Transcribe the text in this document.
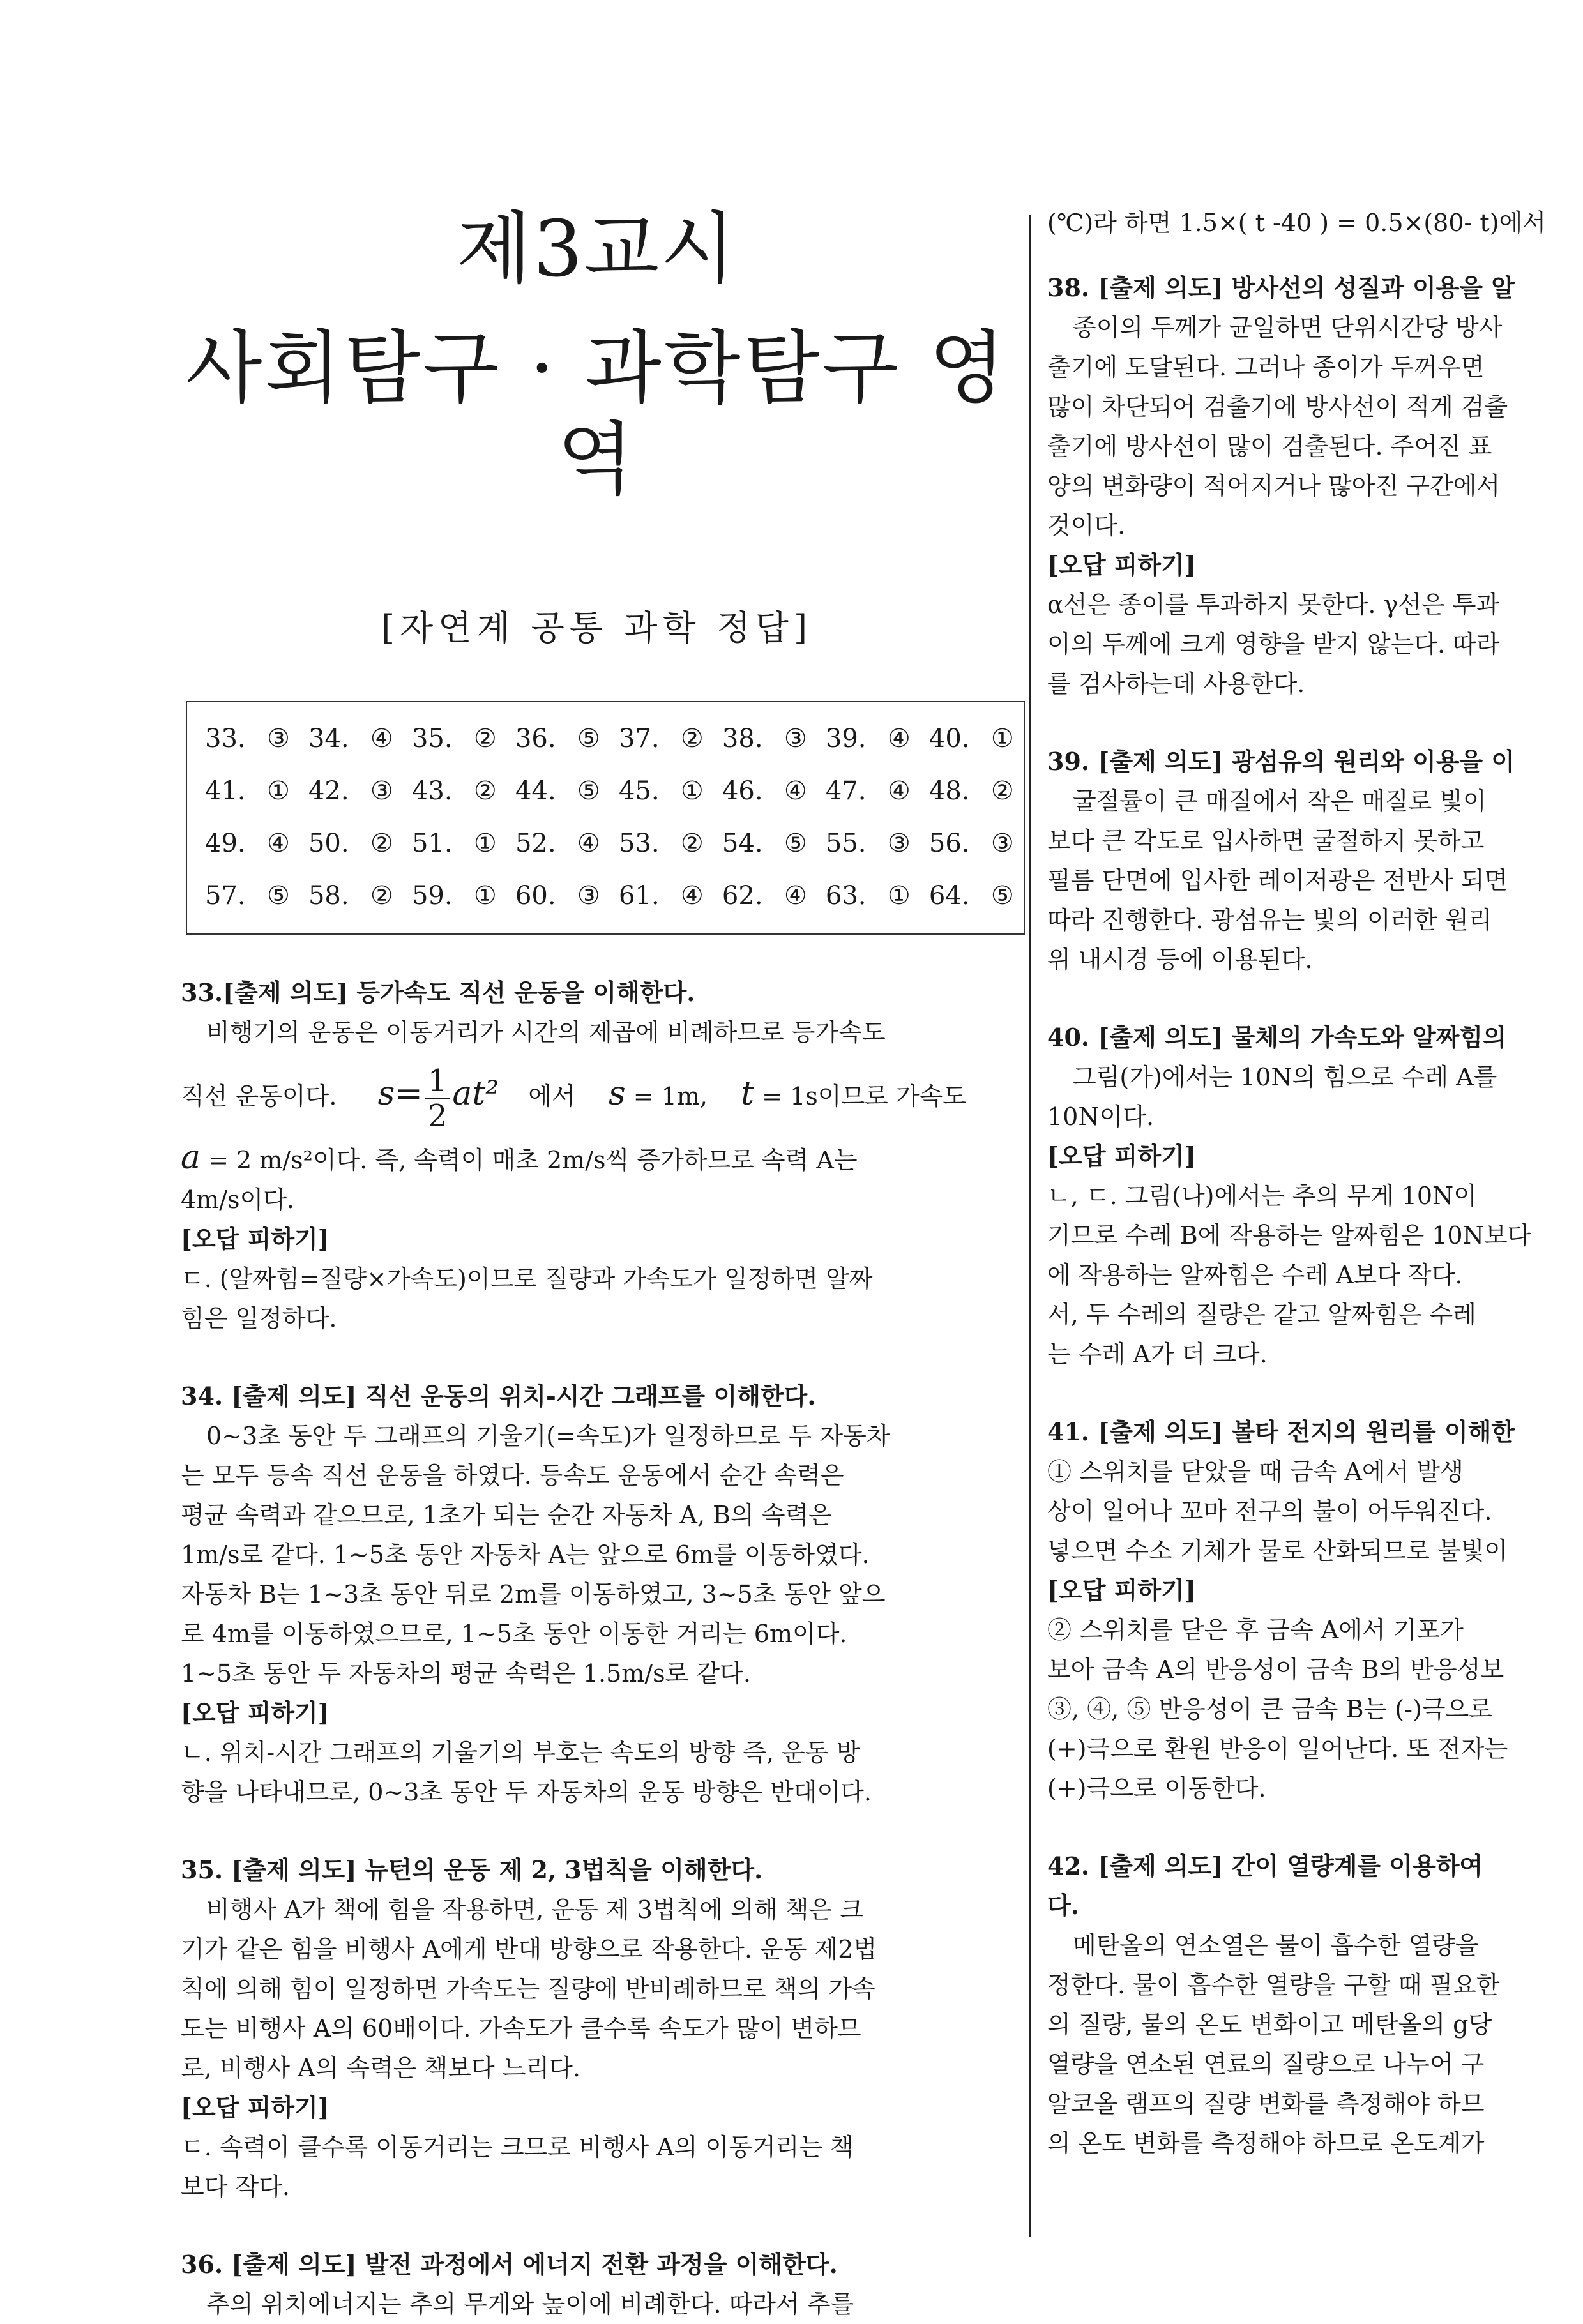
제3교시
사회탐구 · 과학탐구 영역
[자연계 공통 과학 정답]
33.	③	34.	④	35.	②	36.	⑤	37.	②	38.	③	39.	④	40.	①
41.	①	42.	③	43.	②	44.	⑤	45.	①	46.	④	47.	④	48.	②
49.	④	50.	②	51.	①	52.	④	53.	②	54.	⑤	55.	③	56.	③
57.	⑤	58.	②	59.	①	60.	③	61.	④	62.	④	63.	①	64.	⑤

33.[출제 의도] 등가속도 직선 운동을 이해한다.

비행기의 운동은 이동거리가 시간의 제곱에 비례하므로 등가속도

직선 운동이다. $s= \frac{1}{2} at^2$ 에서 s = 1m, t = 1s이므로 가속도

a = 2 m/s²이다. 즉, 속력이 매초 2m/s씩 증가하므로 속력 A는

4m/s이다.

[오답 피하기]

ㄷ. (알짜힘=질량×가속도)이므로 질량과 가속도가 일정하면 알짜

힘은 일정하다.

34. [출제 의도] 직선 운동의 위치-시간 그래프를 이해한다.

0~3초 동안 두 그래프의 기울기(=속도)가 일정하므로 두 자동차

는 모두 등속 직선 운동을 하였다. 등속도 운동에서 순간 속력은

평균 속력과 같으므로, 1초가 되는 순간 자동차 A, B의 속력은

1m/s로 같다. 1~5초 동안 자동차 A는 앞으로 6m를 이동하였다.

자동차 B는 1~3초 동안 뒤로 2m를 이동하였고, 3~5초 동안 앞으

로 4m를 이동하였으므로, 1~5초 동안 이동한 거리는 6m이다.

1~5초 동안 두 자동차의 평균 속력은 1.5m/s로 같다.

[오답 피하기]

ㄴ. 위치-시간 그래프의 기울기의 부호는 속도의 방향 즉, 운동 방

향을 나타내므로, 0~3초 동안 두 자동차의 운동 방향은 반대이다.

35. [출제 의도] 뉴턴의 운동 제 2, 3법칙을 이해한다.

비행사 A가 책에 힘을 작용하면, 운동 제 3법칙에 의해 책은 크

기가 같은 힘을 비행사 A에게 반대 방향으로 작용한다. 운동 제2법

칙에 의해 힘이 일정하면 가속도는 질량에 반비례하므로 책의 가속

도는 비행사 A의 60배이다. 가속도가 클수록 속도가 많이 변하므

로, 비행사 A의 속력은 책보다 느리다.

[오답 피하기]

ㄷ. 속력이 클수록 이동거리는 크므로 비행사 A의 이동거리는 책

보다 작다.

36. [출제 의도] 발전 과정에서 에너지 전환 과정을 이해한다.

추의 위치에너지는 추의 무게와 높이에 비례한다. 따라서 추를

(℃)라 하면 1.5×( t -40 ) = 0.5×(80- t)에서

38. [출제 의도] 방사선의 성질과 이용을 알

종이의 두께가 균일하면 단위시간당 방사

출기에 도달된다. 그러나 종이가 두꺼우면

많이 차단되어 검출기에 방사선이 적게 검출

출기에 방사선이 많이 검출된다. 주어진 표

양의 변화량이 적어지거나 많아진 구간에서

것이다.

[오답 피하기]

α선은 종이를 투과하지 못한다. γ선은 투과

이의 두께에 크게 영향을 받지 않는다. 따라

를 검사하는데 사용한다.

39. [출제 의도] 광섬유의 원리와 이용을 이

굴절률이 큰 매질에서 작은 매질로 빛이

보다 큰 각도로 입사하면 굴절하지 못하고

필름 단면에 입사한 레이저광은 전반사 되면

따라 진행한다. 광섬유는 빛의 이러한 원리

위 내시경 등에 이용된다.

40. [출제 의도] 물체의 가속도와 알짜힘의

그림(가)에서는 10N의 힘으로 수레 A를

10N이다.

[오답 피하기]

ㄴ, ㄷ. 그림(나)에서는 추의 무게 10N이

기므로 수레 B에 작용하는 알짜힘은 10N보다

에 작용하는 알짜힘은 수레 A보다 작다.

서, 두 수레의 질량은 같고 알짜힘은 수레

는 수레 A가 더 크다.

41. [출제 의도] 볼타 전지의 원리를 이해한

① 스위치를 닫았을 때 금속 A에서 발생

상이 일어나 꼬마 전구의 불이 어두워진다.

넣으면 수소 기체가 물로 산화되므로 불빛이

[오답 피하기]

② 스위치를 닫은 후 금속 A에서 기포가

보아 금속 A의 반응성이 금속 B의 반응성보

③, ④, ⑤ 반응성이 큰 금속 B는 (-)극으로

(+)극으로 환원 반응이 일어난다. 또 전자는

(+)극으로 이동한다.

42. [출제 의도] 간이 열량계를 이용하여

다.

메탄올의 연소열은 물이 흡수한 열량을

정한다. 물이 흡수한 열량을 구할 때 필요한

의 질량, 물의 온도 변화이고 메탄올의 g당

열량을 연소된 연료의 질량으로 나누어 구

알코올 램프의 질량 변화를 측정해야 하므

의 온도 변화를 측정해야 하므로 온도계가
